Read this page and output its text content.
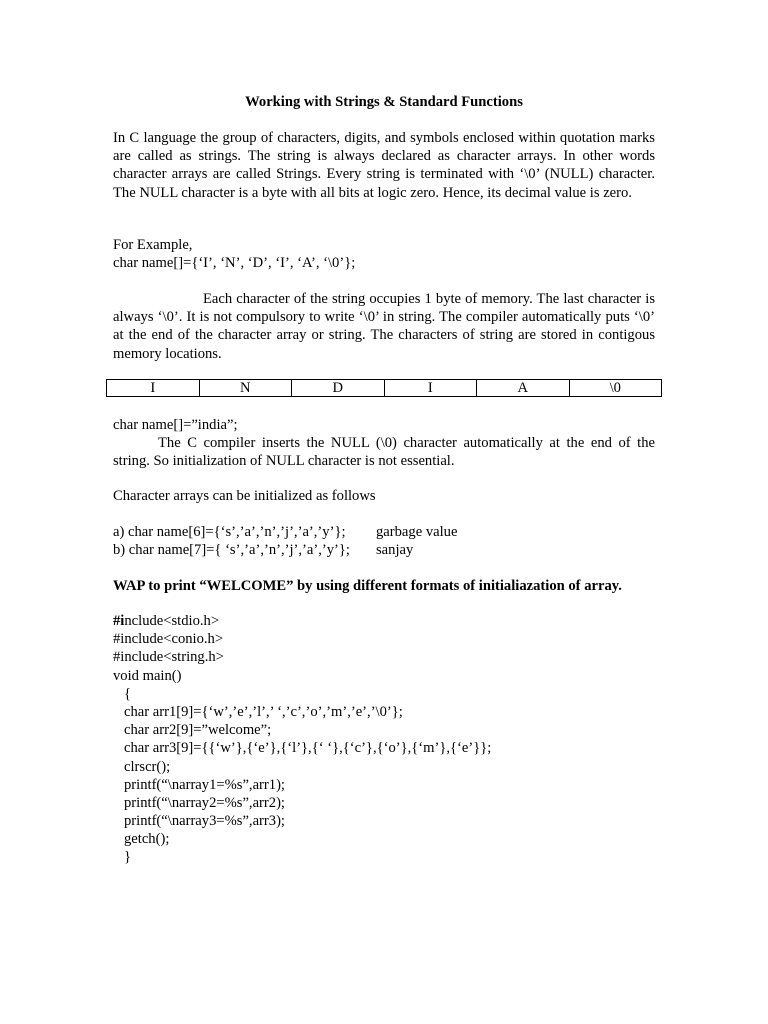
Working with Strings & Standard Functions

In C language the group of characters, digits, and symbols enclosed within quotation marks are called as strings. The string is always declared as character arrays. In other words character arrays are called Strings. Every string is terminated with ‘\0’ (NULL) character. The NULL character is a byte with all bits at logic zero. Hence, its decimal value is zero.

For Example,
char name[]={‘I’, ‘N’, ‘D’, ‘I’, ‘A’, ‘\0’};

Each character of the string occupies 1 byte of memory. The last character is always ‘\0’. It is not compulsory to write ‘\0’ in string. The compiler automatically puts ‘\0’ at the end of the character array or string. The characters of string are stored in contigous memory locations.

I	N	D	I	A	\0
char name[]=”india”;
The C compiler inserts the NULL (\0) character automatically at the end of the string. So initialization of NULL character is not essential.
Character arrays can be initialized as follows
a) char name[6]={‘s’,’a’,’n’,’j’,’a’,’y’}; garbage value
b) char name[7]={ ‘s’,’a’,’n’,’j’,’a’,’y’}; sanjay
WAP to print “WELCOME” by using different formats of initialiazation of array.
#include<stdio.h>
#include<conio.h>
#include<string.h>
void main()
{
char arr1[9]={‘w’,’e’,’l’,’ ‘,’c’,’o’,’m’,’e’,’\0’};
char arr2[9]=”welcome”;
char arr3[9]={{‘w’},{‘e’},{‘l’},{‘ ‘},{‘c’},{‘o’},{‘m’},{‘e’}};
clrscr();
printf(“\narray1=%s”,arr1);
printf(“\narray2=%s”,arr2);
printf(“\narray3=%s”,arr3);
getch();
}
